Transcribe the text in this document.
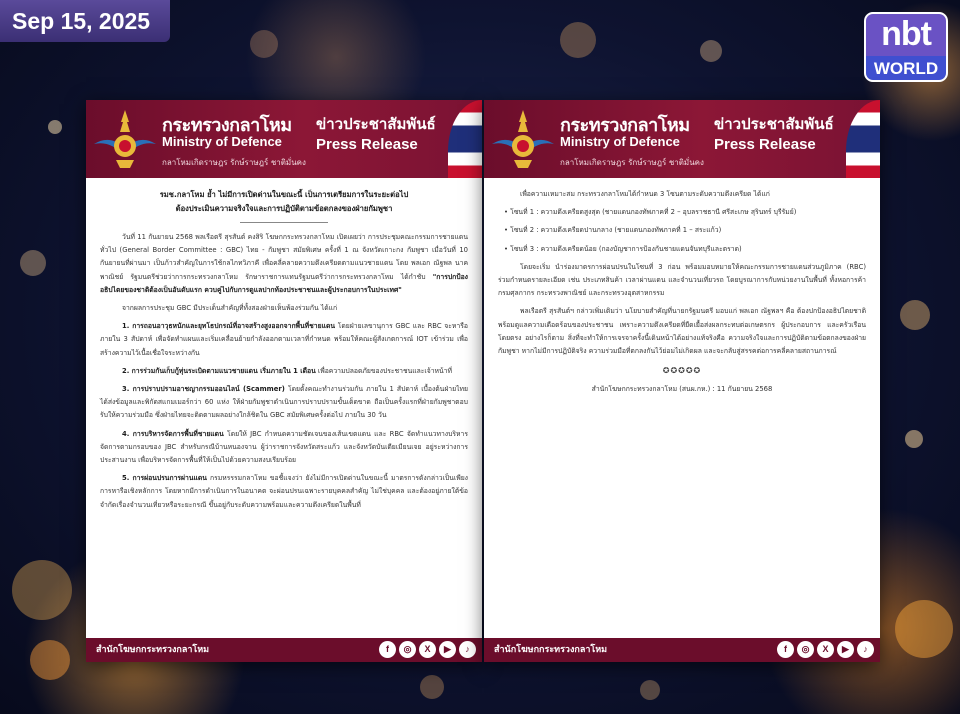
Sep 15, 2025	nbt
WORLD
กระทรวงกลาโหม
Ministry of Defence
กลาโหมเกิดราษฎร รักษ์ราษฎร์ ชาติมั่นคง
ข่าวประชาสัมพันธ์
Press Release
รมช.กลาโหม ย้ำ ไม่มีการเปิดด่านในขณะนี้ เป็นการเตรียมการในระยะต่อไป
ต้องประเมินความจริงใจและการปฏิบัติตามข้อตกลงของฝ่ายกัมพูชา

วันที่ 11 กันยายน 2568 พลเรือตรี สุรสันต์ คงสิริ โฆษกกระทรวงกลาโหม เปิดเผยว่า การประชุมคณะกรรมการชายแดนทั่วไป (General Border Committee : GBC) ไทย - กัมพูชา สมัยพิเศษ ครั้งที่ 1 ณ จังหวัดเกาะกง กัมพูชา เมื่อวันที่ 10 กันยายนที่ผ่านมา เป็นก้าวสำคัญในการใช้กลไกทวิภาคี เพื่อคลี่คลายความตึงเครียดตามแนวชายแดน โดย พลเอก ณัฐพล นาคพาณิชย์ รัฐมนตรีช่วยว่าการกระทรวงกลาโหม รักษาราชการแทนรัฐมนตรีว่าการกระทรวงกลาโหม ได้กำชับ "การปกป้องอธิปไตยของชาติต้องเป็นอันดับแรก ควบคู่ไปกับการดูแลปากท้องประชาชนและผู้ประกอบการในประเทศ"

จากผลการประชุม GBC มีประเด็นสำคัญที่ทั้งสองฝ่ายเห็นพ้องร่วมกัน ได้แก่

1. การถอนอาวุธหนักและยุทโธปกรณ์ที่อาจสร้างสูงออกจากพื้นที่ชายแดน โดยฝ่ายเลขานุการ GBC และ RBC จะหารือภายใน 3 สัปดาห์ เพื่อจัดทำแผนและเริ่มเคลื่อนย้ายกำลังออกตามเวลาที่กำหนด พร้อมให้คณะผู้สังเกตการณ์ IOT เข้าร่วม เพื่อสร้างความไว้เนื้อเชื่อใจระหว่างกัน

2. การร่วมกันเก็บกู้ทุ่นระเบิดตามแนวชายแดน เริ่มภายใน 1 เดือน เพื่อความปลอดภัยของประชาชนและเจ้าหน้าที่

3. การปราบปรามอาชญากรรมออนไลน์ (Scammer) โดยตั้งคณะทำงานร่วมกัน ภายใน 1 สัปดาห์ เบื้องต้นฝ่ายไทยได้ส่งข้อมูลและพิกัดสแกมเมอร์กว่า 60 แห่ง ให้ฝ่ายกัมพูชาดำเนินการปราบปรามขั้นเด็ดขาด ถือเป็นครั้งแรกที่ฝ่ายกัมพูชาตอบรับให้ความร่วมมือ ซึ่งฝ่ายไทยจะติดตามผลอย่างใกล้ชิดใน GBC สมัยพิเศษครั้งต่อไป ภายใน 30 วัน

4. การบริหารจัดการพื้นที่ชายแดน โดยให้ JBC กำหนดความชัดเจนของเส้นเขตแดน และ RBC จัดทำแนวทางบริหารจัดการตามกรอบของ JBC สำหรับกรณีบ้านหนองจาน ผู้ว่าราชการจังหวัดสระแก้ว และจังหวัดบันเตียเมียนเจย อยู่ระหว่างการประสานงาน เพื่อบริหารจัดการพื้นที่ให้เป็นไปด้วยความสงบเรียบร้อย

5. การผ่อนปรนการผ่านแดน กรมหรรรมกลาโหม ขอชี้แจงว่า ยังไม่มีการเปิดด่านในขณะนี้ มาตรการดังกล่าวเป็นเพียงการหารือเชิงหลักการ โดยหากมีการดำเนินการในอนาคต จะผ่อนปรนเฉพาะรายบุคคลสำคัญ ไม่ใช่บุคคล และต้องอยู่ภายใต้ข้อจำกัดเรื่องจำนวนเที่ยวหรือระยะกรณี ขึ้นอยู่กับระดับความพร้อมและความตึงเครียดในพื้นที่

สำนักโฆษกกระทรวงกลาโหม	f	◎	X	▶	♪
กระทรวงกลาโหม
Ministry of Defence
กลาโหมเกิดราษฎร รักษ์ราษฎร์ ชาติมั่นคง
ข่าวประชาสัมพันธ์
Press Release

เพื่อความเหมาะสม กระทรวงกลาโหมได้กำหนด 3 โซนตามระดับความตึงเครียด ได้แก่

• โซนที่ 1 : ความตึงเครียดสูงสุด (ชายแดนกองทัพภาคที่ 2 – อุบลราชธานี ศรีสะเกษ สุรินทร์ บุรีรัมย์)

• โซนที่ 2 : ความตึงเครียดปานกลาง (ชายแดนกองทัพภาคที่ 1 – สระแก้ว)

• โซนที่ 3 : ความตึงเครียดน้อย (กองบัญชาการป้องกันชายแดนจันทบุรีและตราด)

โดยจะเริ่ม นำร่องมาตรการผ่อนปรนในโซนที่ 3 ก่อน พร้อมมอบหมายให้คณะกรรมการชายแดนส่วนภูมิภาค (RBC) ร่วมกำหนดรายละเอียด เช่น ประเภทสินค้า เวลาผ่านแดน และจำนวนเที่ยวรถ โดยบูรณาการกับหน่วยงานในพื้นที่ ทั้งหอการค้า กรมศุลกากร กระทรวงพาณิชย์ และกระทรวงอุตสาหกรรม

พลเรือตรี สุรสันต์ฯ กล่าวเพิ่มเติมว่า นโยบายสำคัญที่นายกรัฐมนตรี มอบแก่ พลเอก ณัฐพลฯ คือ ต้องปกป้องอธิปไตยชาติ พร้อมดูแลความเดือดร้อนของประชาชน เพราะความตึงเครียดที่ยืดเยื้อส่งผลกระทบต่อเกษตรกร ผู้ประกอบการ และครัวเรือนโดยตรง อย่างไรก็ตาม สิ่งที่จะทำให้การเจรจาครั้งนี้เดินหน้าได้อย่างแท้จริงคือ ความจริงใจและการปฏิบัติตามข้อตกลงของฝ่ายกัมพูชา หากไม่มีการปฏิบัติจริง ความร่วมมือที่ตกลงกันไว้ย่อมไม่เกิดผล และจะกลับสู่สรรคต่อการคลี่คลายสถานการณ์

✪✪✪✪✪
สำนักโฆษกกระทรวงกลาโหม (สนผ.กห.) : 11 กันยายน 2568
สำนักโฆษกกระทรวงกลาโหม	f	◎	X	▶	♪
